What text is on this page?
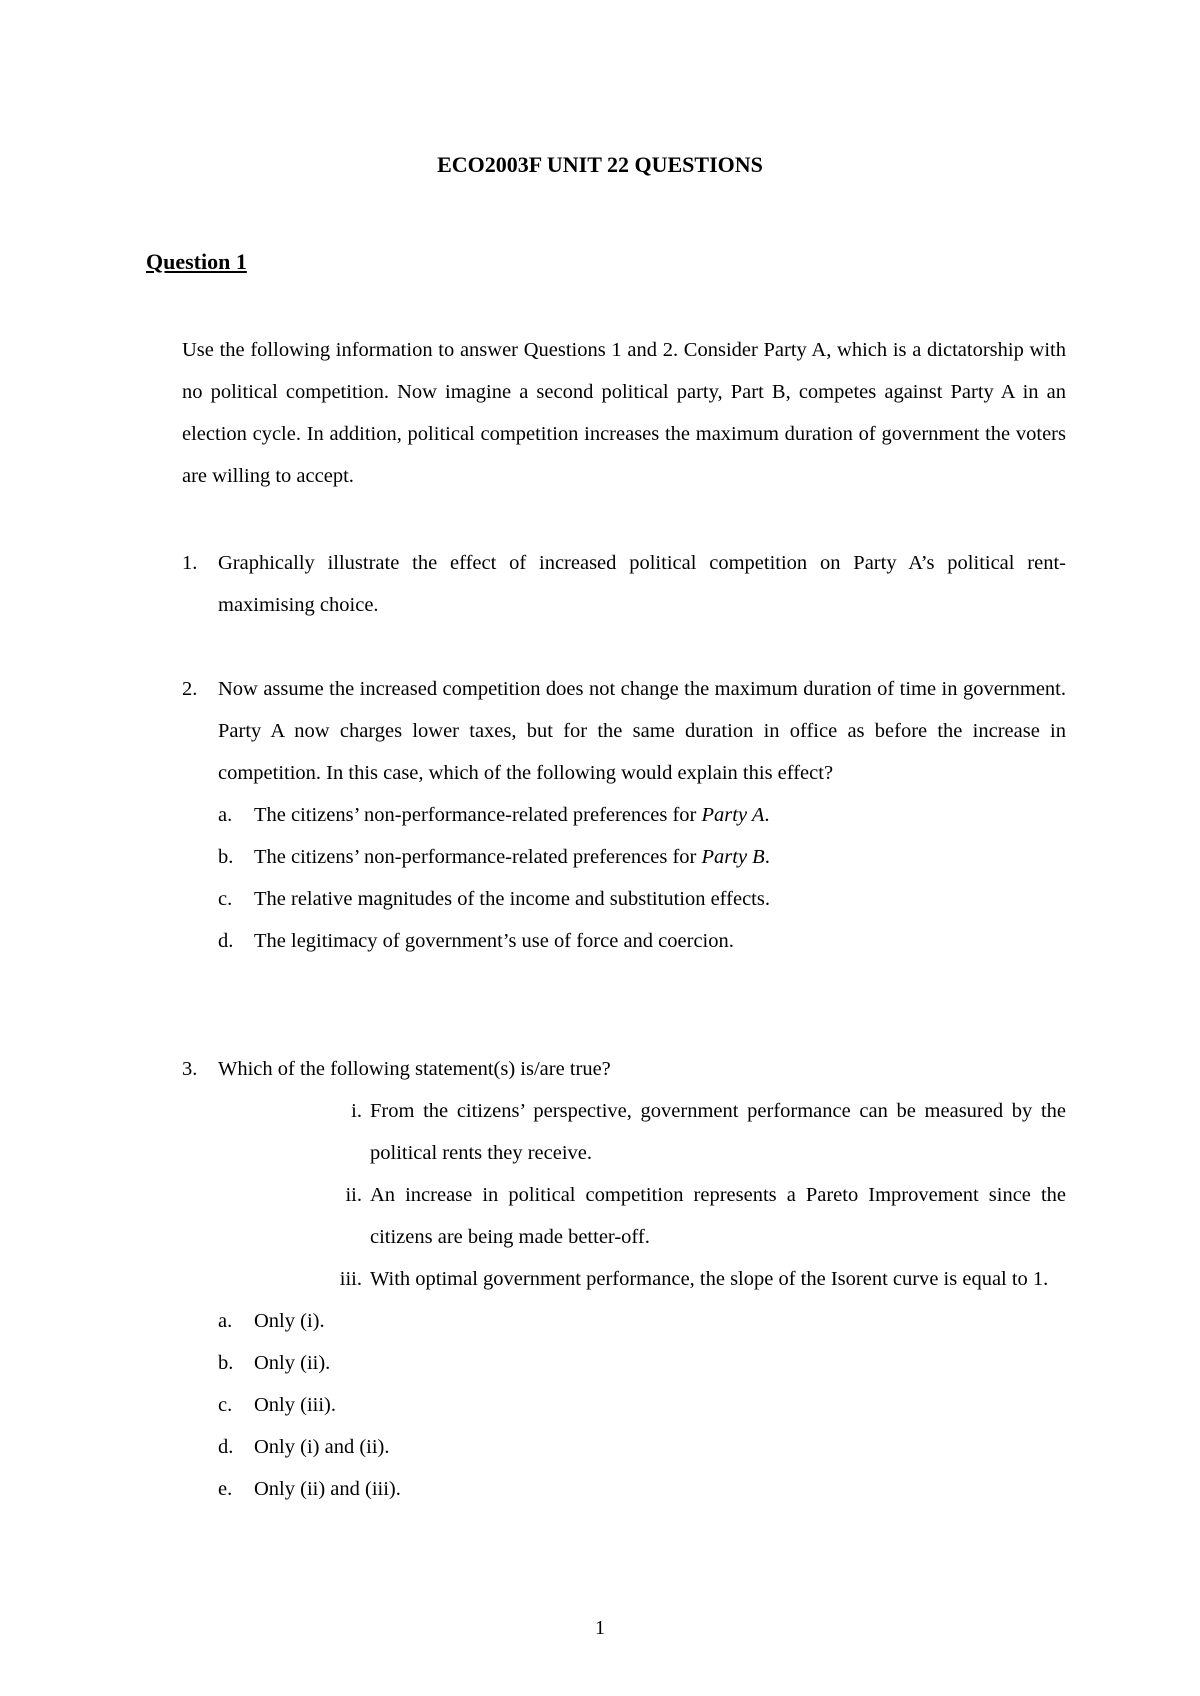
ECO2003F UNIT 22 QUESTIONS
Question 1

Use the following information to answer Questions 1 and 2. Consider Party A, which is a dictatorship with no political competition. Now imagine a second political party, Part B, competes against Party A in an election cycle. In addition, political competition increases the maximum duration of government the voters are willing to accept.

1.	Graphically illustrate the effect of increased political competition on Party A’s political rent-maximising choice.
2.	Now assume the increased competition does not change the maximum duration of time in government. Party A now charges lower taxes, but for the same duration in office as before the increase in competition. In this case, which of the following would explain this effect?
a. The citizens’ non-performance-related preferences for Party A.
b. The citizens’ non-performance-related preferences for Party B.
c. The relative magnitudes of the income and substitution effects.
d. The legitimacy of government’s use of force and coercion.
3.	Which of the following statement(s) is/are true?
i. From the citizens’ perspective, government performance can be measured by the political rents they receive.
ii. An increase in political competition represents a Pareto Improvement since the citizens are being made better-off.
iii. With optimal government performance, the slope of the Isorent curve is equal to 1.
a. Only (i).
b. Only (ii).
c. Only (iii).
d. Only (i) and (ii).
e. Only (ii) and (iii).
1
